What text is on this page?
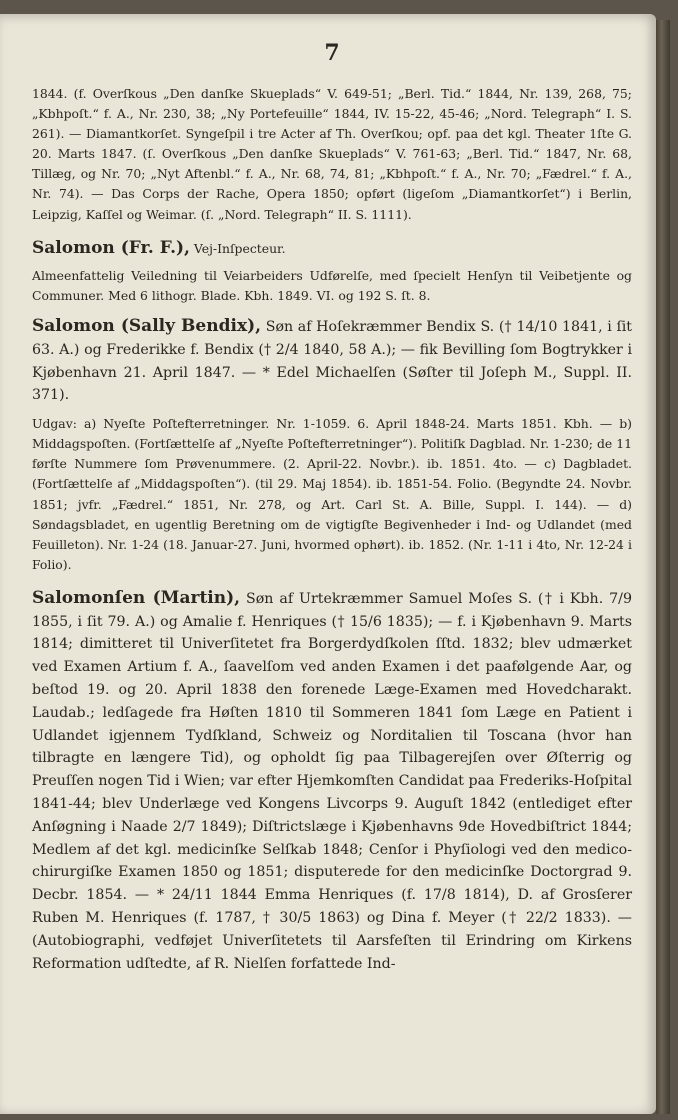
7

1844. (f. Overſkous „Den danſke Skueplads“ V. 649-51; „Berl. Tid.“ 1844, Nr. 139, 268, 75; „Kbhpoſt.“ f. A., Nr. 230, 38; „Ny Portefeuille“ 1844, IV. 15-22, 45-46; „Nord. Telegraph“ I. S. 261). — Diamantkorſet. Syngeſpil i tre Acter af Th. Overſkou; opf. paa det kgl. Theater 1ſte G. 20. Marts 1847. (ſ. Overſkous „Den danſke Skueplads“ V. 761-63; „Berl. Tid.“ 1847, Nr. 68, Tillæg, og Nr. 70; „Nyt Aftenbl.“ f. A., Nr. 68, 74, 81; „Kbhpoſt.“ f. A., Nr. 70; „Fædrel.“ f. A., Nr. 74). — Das Corps der Rache, Opera 1850; opført (ligeſom „Diamantkorſet“) i Berlin, Leipzig, Kaſſel og Weimar. (ſ. „Nord. Telegraph“ II. S. 1111).

Salomon (Fr. F.), Vej-Inſpecteur.

Almeenfattelig Veiledning til Veiarbeiders Udførelſe, med ſpecielt Henſyn til Veibetjente og Communer. Med 6 lithogr. Blade. Kbh. 1849. VI. og 192 S. ſt. 8.

Salomon (Sally Bendix), Søn af Hoſekræmmer Bendix S. († 14/10 1841, i ſit 63. A.) og Frederikke f. Bendix († 2/4 1840, 58 A.); — fik Bevilling ſom Bogtrykker i Kjøbenhavn 21. April 1847. — * Edel Michaelſen (Søſter til Joſeph M., Suppl. II. 371).

Udgav: a) Nyeſte Poſtefterretninger. Nr. 1-1059. 6. April 1848-24. Marts 1851. Kbh. — b) Middagspoſten. (Fortſættelſe af „Nyeſte Poſtefterretninger“). Politiſk Dagblad. Nr. 1-230; de 11 førſte Nummere ſom Prøvenummere. (2. April-22. Novbr.). ib. 1851. 4to. — c) Dagbladet. (Fortſættelſe af „Middagspoſten“). (til 29. Maj 1854). ib. 1851-54. Folio. (Begyndte 24. Novbr. 1851; jvfr. „Fædrel.“ 1851, Nr. 278, og Art. Carl St. A. Bille, Suppl. I. 144). — d) Søndagsbladet, en ugentlig Beretning om de vigtigſte Begivenheder i Ind- og Udlandet (med Feuilleton). Nr. 1-24 (18. Januar-27. Juni, hvormed ophørt). ib. 1852. (Nr. 1-11 i 4to, Nr. 12-24 i Folio).

Salomonſen (Martin), Søn af Urtekræmmer Samuel Moſes S. († i Kbh. 7/9 1855, i ſit 79. A.) og Amalie f. Henriques († 15/6 1835); — f. i Kjøbenhavn 9. Marts 1814; dimitteret til Univerſitetet fra Borgerdydſkolen ſſtd. 1832; blev udmærket ved Examen Artium f. A., ſaavelſom ved anden Examen i det paafølgende Aar, og beſtod 19. og 20. April 1838 den forenede Læge-Examen med Hovedcharakt. Laudab.; ledſagede fra Høſten 1810 til Sommeren 1841 ſom Læge en Patient i Udlandet igjennem Tydſkland, Schweiz og Norditalien til Toscana (hvor han tilbragte en længere Tid), og opholdt ſig paa Tilbagerejſen over Øſterrig og Preuſſen nogen Tid i Wien; var efter Hjemkomſten Candidat paa Frederiks-Hoſpital 1841-44; blev Underlæge ved Kongens Livcorps 9. Auguſt 1842 (entlediget efter Anſøgning i Naade 2/7 1849); Diſtrictslæge i Kjøbenhavns 9de Hovedbiſtrict 1844; Medlem af det kgl. medicinſke Selſkab 1848; Cenſor i Phyſiologi ved den medico-chirurgiſke Examen 1850 og 1851; disputerede for den medicinſke Doctorgrad 9. Decbr. 1854. — * 24/11 1844 Emma Henriques (f. 17/8 1814), D. af Grosſerer Ruben M. Henriques (f. 1787, † 30/5 1863) og Dina f. Meyer († 22/2 1833). — (Autobiographi, vedføjet Univerſitetets til Aarsfeſten til Erindring om Kirkens Reformation udſtedte, af R. Nielſen forfattede Ind-
